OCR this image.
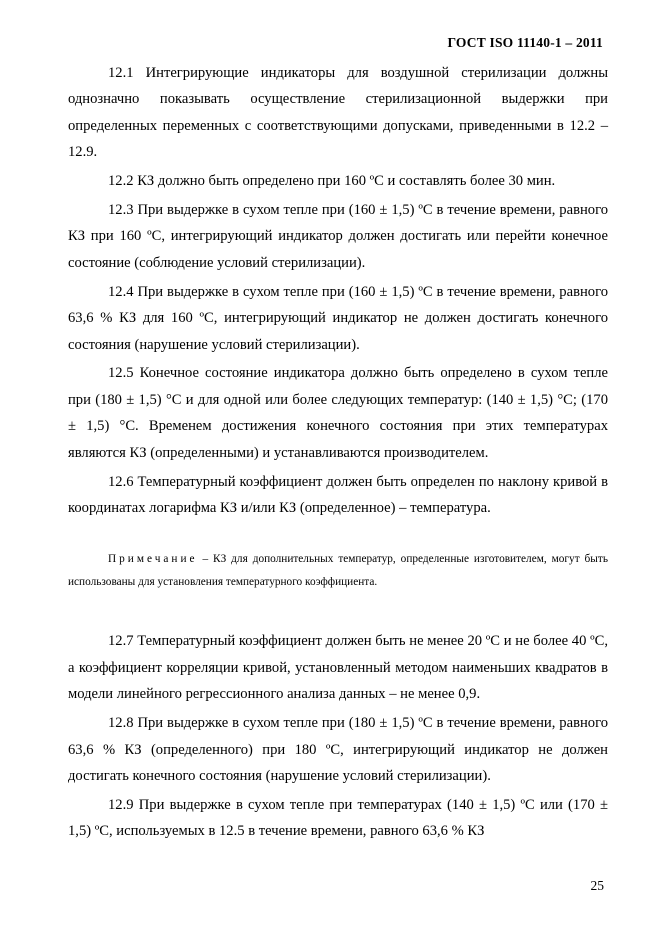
ГОСТ ISO 11140-1 – 2011

12.1 Интегрирующие индикаторы для воздушной стерилизации должны однозначно показывать осуществление стерилизационной выдержки при определенных переменных с соответствующими допусками, приведенными в 12.2 – 12.9.

12.2 КЗ должно быть определено при 160 ºС и составлять более 30 мин.

12.3 При выдержке в сухом тепле при (160 ± 1,5) ºС в течение времени, равного КЗ при 160 ºС, интегрирующий индикатор должен достигать или перейти конечное состояние (соблюдение условий стерилизации).

12.4 При выдержке в сухом тепле при (160 ± 1,5) ºС в течение времени, равного 63,6 % КЗ для 160 ºС, интегрирующий индикатор не должен достигать конечного состояния (нарушение условий стерилизации).

12.5 Конечное состояние индикатора должно быть определено в сухом тепле при (180 ± 1,5) °С и для одной или более следующих температур: (140 ± 1,5) °С; (170 ± 1,5) °С. Временем достижения конечного состояния при этих температурах являются КЗ (определенными) и устанавливаются производителем.

12.6 Температурный коэффициент должен быть определен по наклону кривой в координатах логарифма КЗ и/или КЗ (определенное) – температура.

Примечание – КЗ для дополнительных температур, определенные изготовителем, могут быть использованы для установления температурного коэффициента.

12.7 Температурный коэффициент должен быть не менее 20 ºС и не более 40 ºС, а коэффициент корреляции кривой, установленный методом наименьших квадратов в модели линейного регрессионного анализа данных – не менее 0,9.

12.8 При выдержке в сухом тепле при (180 ± 1,5) ºС в течение времени, равного 63,6 % КЗ (определенного) при 180 ºС, интегрирующий индикатор не должен достигать конечного состояния (нарушение условий стерилизации).

12.9 При выдержке в сухом тепле при температурах (140 ± 1,5) ºС или (170 ± 1,5) ºС, используемых в 12.5 в течение времени, равного 63,6 % КЗ

25
